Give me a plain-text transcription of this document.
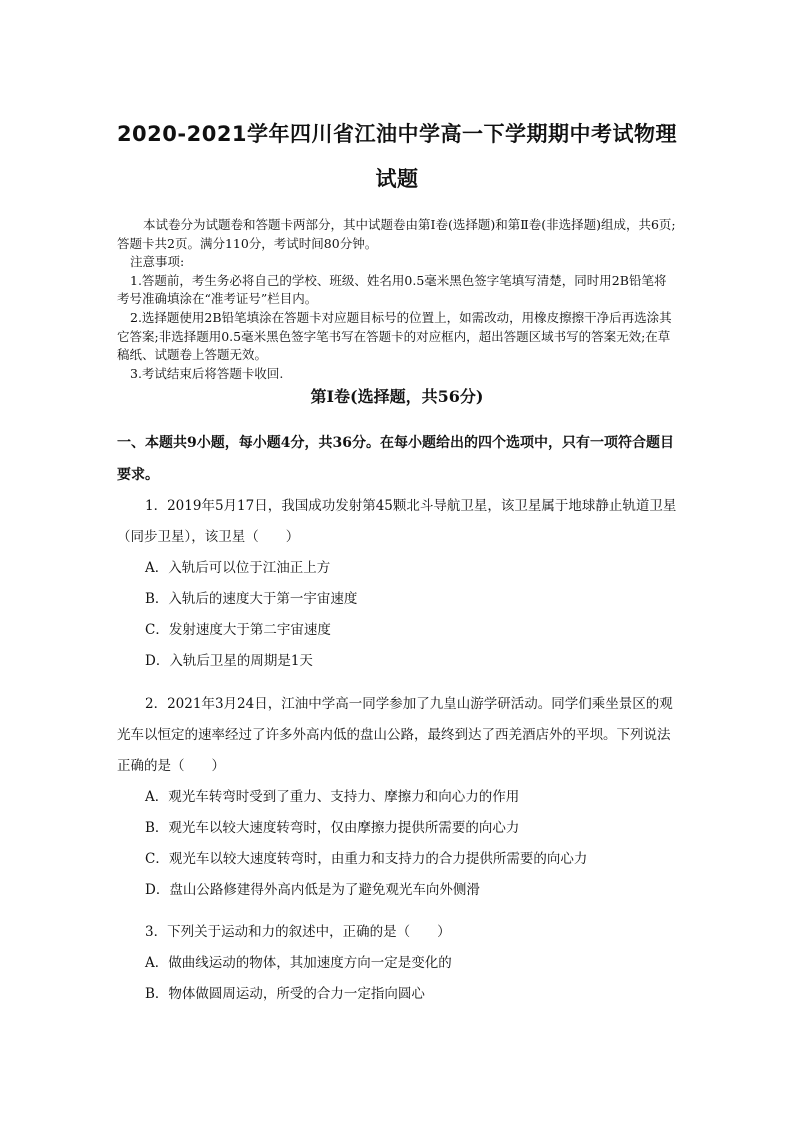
2020-2021学年四川省江油中学高一下学期期中考试物理
试题

本试卷分为试题卷和答题卡两部分，其中试题卷由第Ⅰ卷(选择题)和第Ⅱ卷(非选择题)组成，共6页;答题卡共2页。满分110分，考试时间80分钟。

注意事项:

1.答题前，考生务必将自己的学校、班级、姓名用0.5毫米黑色签字笔填写清楚，同时用2B铅笔将考号准确填涂在“准考证号”栏目内。

2.选择题使用2B铅笔填涂在答题卡对应题目标号的位置上，如需改动，用橡皮擦擦干净后再选涂其它答案;非选择题用0.5毫米黑色签字笔书写在答题卡的对应框内，超出答题区域书写的答案无效;在草稿纸、试题卷上答题无效。

3.考试结束后将答题卡收回.

第Ⅰ卷(选择题，共56分)
一、本题共9小题，每小题4分，共36分。在每小题给出的四个选项中，只有一项符合题目要求。

1．2019年5月17日，我国成功发射第45颗北斗导航卫星，该卫星属于地球静止轨道卫星（同步卫星），该卫星（　　）

A．入轨后可以位于江油正上方

B．入轨后的速度大于第一宇宙速度

C．发射速度大于第二宇宙速度

D．入轨后卫星的周期是1天

2．2021年3月24日，江油中学高一同学参加了九皇山游学研活动。同学们乘坐景区的观光车以恒定的速率经过了许多外高内低的盘山公路，最终到达了西羌酒店外的平坝。下列说法正确的是（　　）

A．观光车转弯时受到了重力、支持力、摩擦力和向心力的作用

B．观光车以较大速度转弯时，仅由摩擦力提供所需要的向心力

C．观光车以较大速度转弯时，由重力和支持力的合力提供所需要的向心力

D．盘山公路修建得外高内低是为了避免观光车向外侧滑

3．下列关于运动和力的叙述中，正确的是（　　）

A．做曲线运动的物体，其加速度方向一定是变化的

B．物体做圆周运动，所受的合力一定指向圆心
